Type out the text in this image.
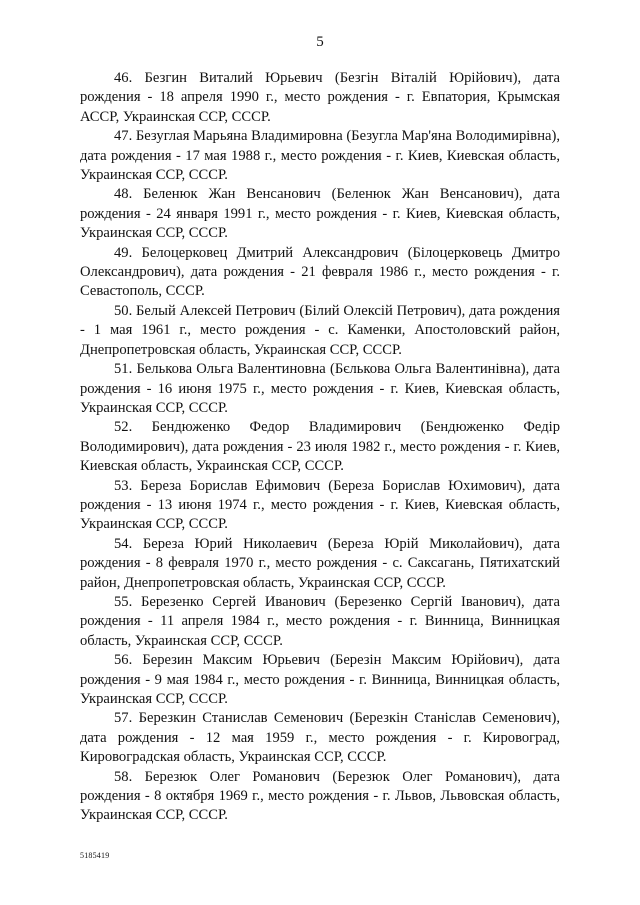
5

46. Безгин Виталий Юрьевич (Безгін Віталій Юрійович), дата рождения - 18 апреля 1990 г., место рождения - г. Евпатория, Крымская АССР, Украинская ССР, СССР.

47. Безуглая Марьяна Владимировна (Безугла Мар'яна Володимирівна), дата рождения - 17 мая 1988 г., место рождения - г. Киев, Киевская область, Украинская ССР, СССР.

48. Беленюк Жан Венсанович (Беленюк Жан Венсанович), дата рождения - 24 января 1991 г., место рождения - г. Киев, Киевская область, Украинская ССР, СССР.

49. Белоцерковец Дмитрий Александрович (Білоцерковець Дмитро Олександрович), дата рождения - 21 февраля 1986 г., место рождения - г. Севастополь, СССР.

50. Белый Алексей Петрович (Білий Олексій Петрович), дата рождения - 1 мая 1961 г., место рождения - с. Каменки, Апостоловский район, Днепропетровская область, Украинская ССР, СССР.

51. Белькова Ольга Валентиновна (Бєлькова Ольга Валентинівна), дата рождения - 16 июня 1975 г., место рождения - г. Киев, Киевская область, Украинская ССР, СССР.

52. Бендюженко Федор Владимирович (Бендюженко Федір Володимирович), дата рождения - 23 июля 1982 г., место рождения - г. Киев, Киевская область, Украинская ССР, СССР.

53. Береза Борислав Ефимович (Береза Борислав Юхимович), дата рождения - 13 июня 1974 г., место рождения - г. Киев, Киевская область, Украинская ССР, СССР.

54. Береза Юрий Николаевич (Береза Юрій Миколайович), дата рождения - 8 февраля 1970 г., место рождения - с. Саксагань, Пятихатский район, Днепропетровская область, Украинская ССР, СССР.

55. Березенко Сергей Иванович (Березенко Сергій Іванович), дата рождения - 11 апреля 1984 г., место рождения - г. Винница, Винницкая область, Украинская ССР, СССР.

56. Березин Максим Юрьевич (Березін Максим Юрійович), дата рождения - 9 мая 1984 г., место рождения - г. Винница, Винницкая область, Украинская ССР, СССР.

57. Березкин Станислав Семенович (Березкін Станіслав Семенович), дата рождения - 12 мая 1959 г., место рождения - г. Кировоград, Кировоградская область, Украинская ССР, СССР.

58. Березюк Олег Романович (Березюк Олег Романович), дата рождения - 8 октября 1969 г., место рождения - г. Львов, Львовская область, Украинская ССР, СССР.

5185419
